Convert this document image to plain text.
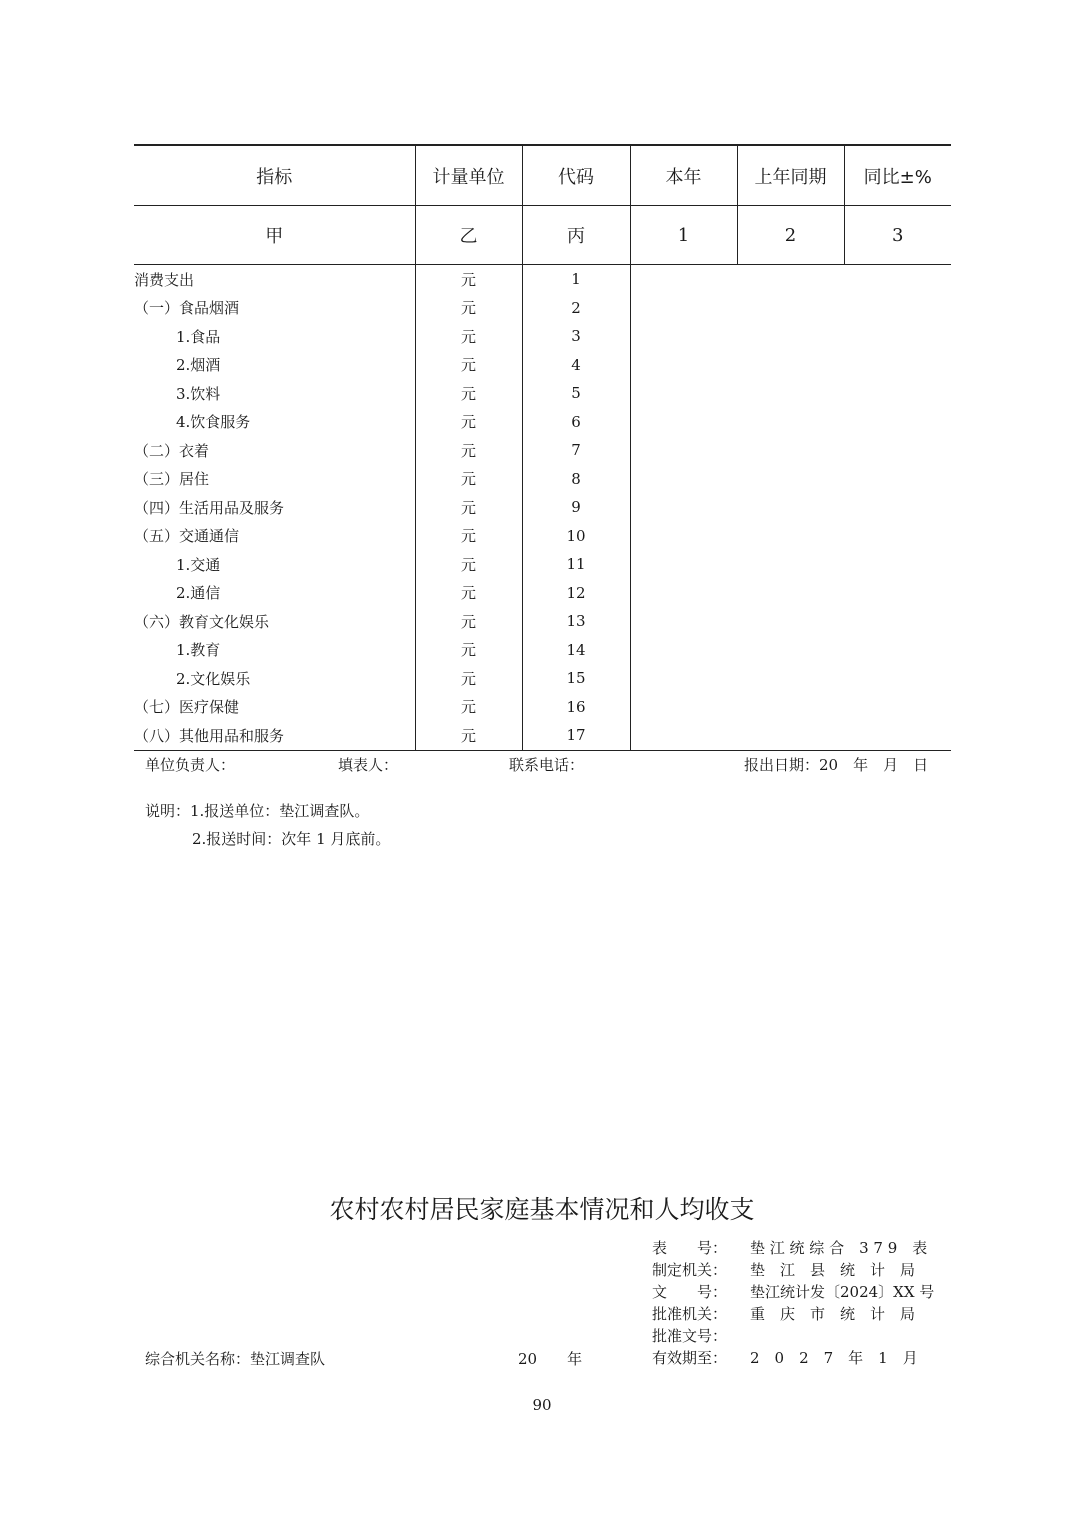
指标	计量单位	代码	本年	上年同期	同比±%
甲	乙	丙	1	2	3
消费支出	元	1			
（一）食品烟酒	元	2			
1.食品	元	3			
2.烟酒	元	4			
3.饮料	元	5			
4.饮食服务	元	6			
（二）衣着	元	7			
（三）居住	元	8			
（四）生活用品及服务	元	9			
（五）交通通信	元	10			
1.交通	元	11			
2.通信	元	12			
（六）教育文化娱乐	元	13			
1.教育	元	14			
2.文化娱乐	元	15			
（七）医疗保健	元	16			
（八）其他用品和服务	元	17			
单位负责人：	填表人：	联系电话：	报出日期：20　年　月　日
说明：1.报送单位：垫江调查队。
2.报送时间：次年 1 月底前。
农村农村居民家庭基本情况和人均收支
表　　号：	垫 江 统 综 合　3 7 9　表
制定机关：	垫　江　县　统　计　局
文　　号：	垫江统计发〔2024〕XX 号
批准机关：	重　庆　市　统　计　局
批准文号：
有效期至：	2　0　2　7　年　1　月
综合机关名称：垫江调查队	20　　年
90
